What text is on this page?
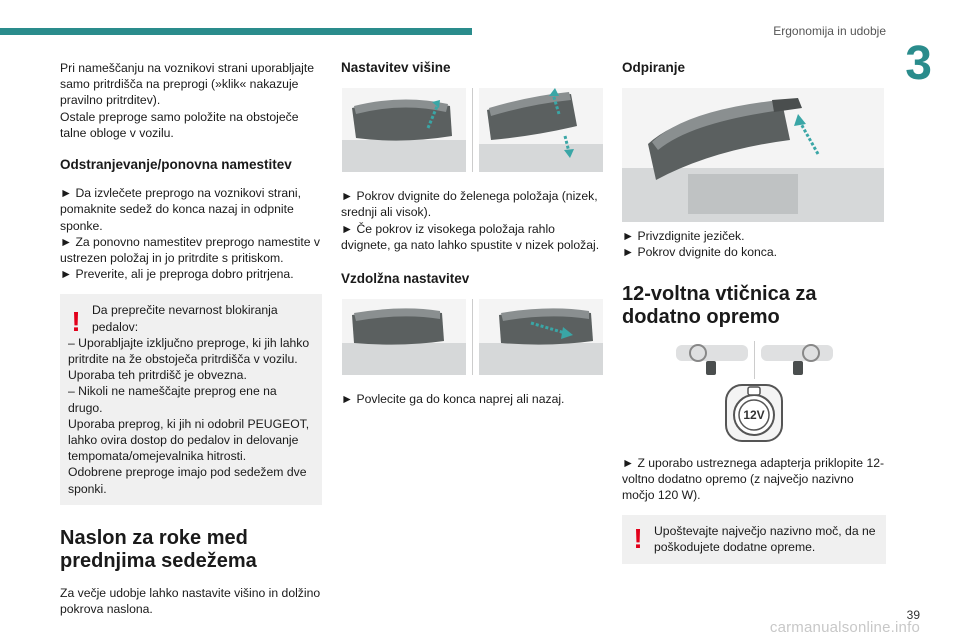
Ergonomija in udobje
3

Pri nameščanju na voznikovi strani uporabljajte samo pritrdišča na preprogi (»klik« nakazuje pravilno pritrditev).

Ostale preproge samo položite na obstoječe talne obloge v vozilu.

Odstranjevanje/ponovna namestitev

► Da izvlečete preprogo na voznikovi strani, pomaknite sedež do konca nazaj in odpnite sponke.

► Za ponovno namestitev preprogo namestite v ustrezen položaj in jo pritrdite s pritiskom.

► Preverite, ali je preproga dobro pritrjena.

! Da preprečite nevarnost blokiranja pedalov:

– Uporabljajte izključno preproge, ki jih lahko pritrdite na že obstoječa pritrdišča v vozilu. Uporaba teh pritrdišč je obvezna.

– Nikoli ne nameščajte preprog ene na drugo.

Uporaba preprog, ki jih ni odobril PEUGEOT, lahko ovira dostop do pedalov in delovanje tempomata/omejevalnika hitrosti.

Odobrene preproge imajo pod sedežem dve sponki.

Naslon za roke med prednjima sedežema

Za večje udobje lahko nastavite višino in dolžino pokrova naslona.

Nastavitev višine

► Pokrov dvignite do želenega položaja (nizek, srednji ali visok).

► Če pokrov iz visokega položaja rahlo dvignete, ga nato lahko spustite v nizek položaj.

Vzdolžna nastavitev

► Povlecite ga do konca naprej ali nazaj.

Odpiranje

► Privzdignite jeziček.

► Pokrov dvignite do konca.

12-voltna vtičnica za dodatno opremo
12V

► Z uporabo ustreznega adapterja priklopite 12-voltno dodatno opremo (z največjo nazivno močjo 120 W).

! Upoštevajte največjo nazivno moč, da ne poškodujete dodatne opreme.

39
carmanualsonline.info
